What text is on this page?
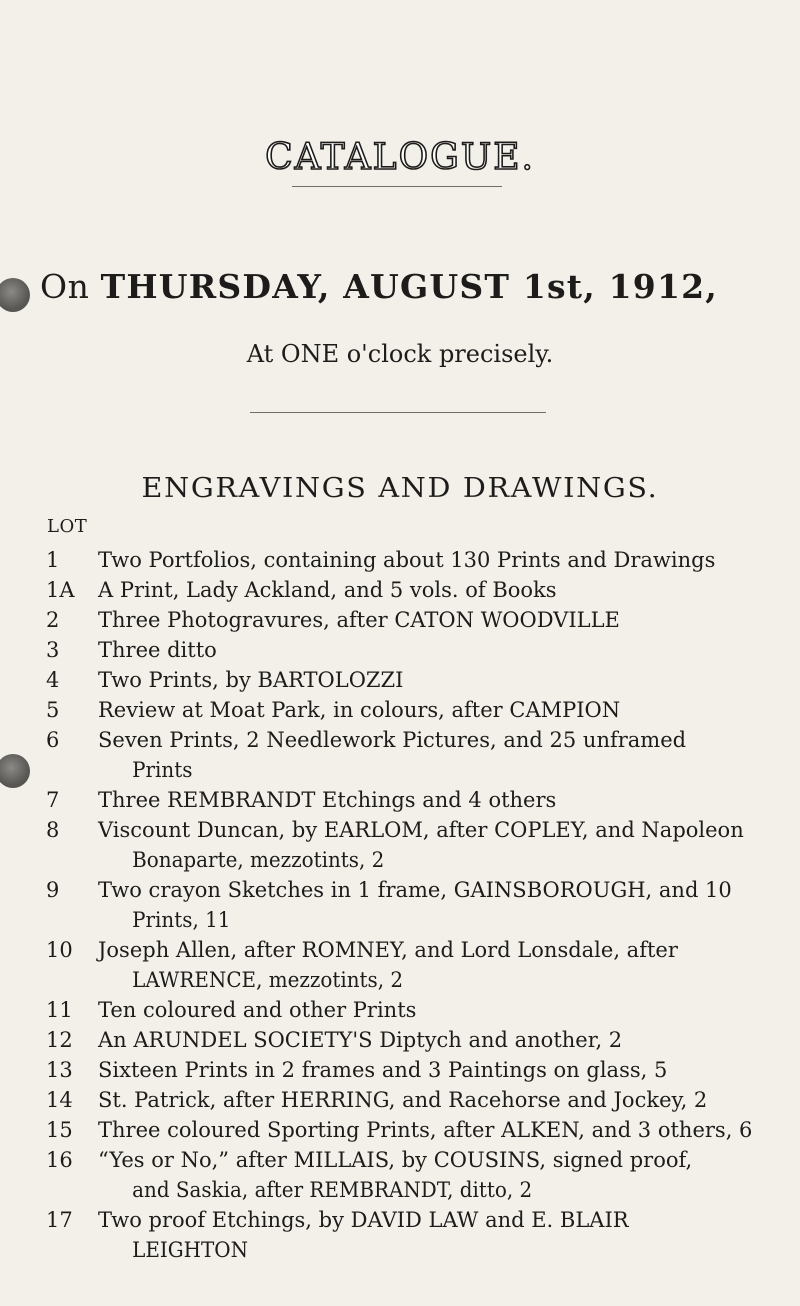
CATALOGUE.
On THURSDAY, AUGUST 1st, 1912,
At ONE o'clock precisely.
ENGRAVINGS AND DRAWINGS.
LOT
1	Two Portfolios, containing about 130 Prints and Drawings
1A	A Print, Lady Ackland, and 5 vols. of Books
2	Three Photogravures, after CATON WOODVILLE
3	Three ditto
4	Two Prints, by BARTOLOZZI
5	Review at Moat Park, in colours, after CAMPION
6	Seven Prints, 2 Needlework Pictures, and 25 unframed
Prints
7	Three REMBRANDT Etchings and 4 others
8	Viscount Duncan, by EARLOM, after COPLEY, and Napoleon
Bonaparte, mezzotints, 2
9	Two crayon Sketches in 1 frame, GAINSBOROUGH, and 10
Prints, 11
10	Joseph Allen, after ROMNEY, and Lord Lonsdale, after
LAWRENCE, mezzotints, 2
11	Ten coloured and other Prints
12	An ARUNDEL SOCIETY'S Diptych and another, 2
13	Sixteen Prints in 2 frames and 3 Paintings on glass, 5
14	St. Patrick, after HERRING, and Racehorse and Jockey, 2
15	Three coloured Sporting Prints, after ALKEN, and 3 others, 6
16	“Yes or No,” after MILLAIS, by COUSINS, signed proof,
and Saskia, after REMBRANDT, ditto, 2
17	Two proof Etchings, by DAVID LAW and E. BLAIR
LEIGHTON
